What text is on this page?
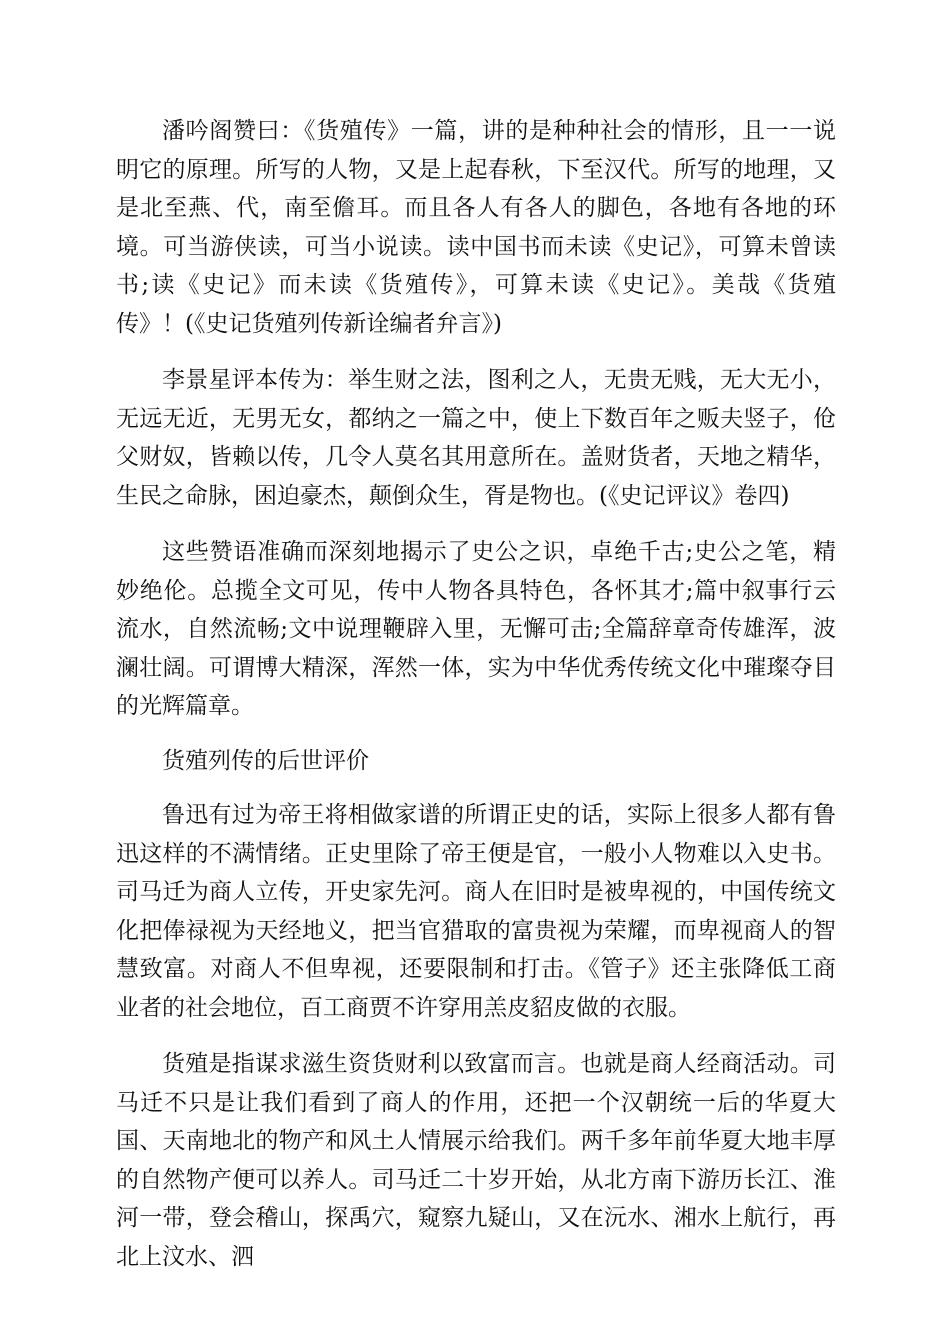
潘吟阁赞曰：《货殖传》一篇，讲的是种种社会的情形，且一一说明它的原理。所写的人物，又是上起春秋，下至汉代。所写的地理，又是北至燕、代，南至儋耳。而且各人有各人的脚色，各地有各地的环境。可当游侠读，可当小说读。读中国书而未读《史记》，可算未曾读书;读《史记》而未读《货殖传》，可算未读《史记》。美哉《货殖传》！(《史记货殖列传新诠编者弁言》)

李景星评本传为：举生财之法，图利之人，无贵无贱，无大无小，无远无近，无男无女，都纳之一篇之中，使上下数百年之贩夫竖子，伧父财奴，皆赖以传，几令人莫名其用意所在。盖财货者，天地之精华，生民之命脉，困迫豪杰，颠倒众生，胥是物也。(《史记评议》卷四)

这些赞语准确而深刻地揭示了史公之识，卓绝千古;史公之笔，精妙绝伦。总揽全文可见，传中人物各具特色，各怀其才;篇中叙事行云流水，自然流畅;文中说理鞭辟入里，无懈可击;全篇辞章奇传雄浑，波澜壮阔。可谓博大精深，浑然一体，实为中华优秀传统文化中璀璨夺目的光辉篇章。

货殖列传的后世评价

鲁迅有过为帝王将相做家谱的所谓正史的话，实际上很多人都有鲁迅这样的不满情绪。正史里除了帝王便是官，一般小人物难以入史书。司马迁为商人立传，开史家先河。商人在旧时是被卑视的，中国传统文化把俸禄视为天经地义，把当官猎取的富贵视为荣耀，而卑视商人的智慧致富。对商人不但卑视，还要限制和打击。《管子》还主张降低工商业者的社会地位，百工商贾不许穿用羔皮貂皮做的衣服。

货殖是指谋求滋生资货财利以致富而言。也就是商人经商活动。司马迁不只是让我们看到了商人的作用，还把一个汉朝统一后的华夏大国、天南地北的物产和风土人情展示给我们。两千多年前华夏大地丰厚的自然物产便可以养人。司马迁二十岁开始，从北方南下游历长江、淮河一带，登会稽山，探禹穴，窥察九疑山，又在沅水、湘水上航行，再北上汶水、泗
